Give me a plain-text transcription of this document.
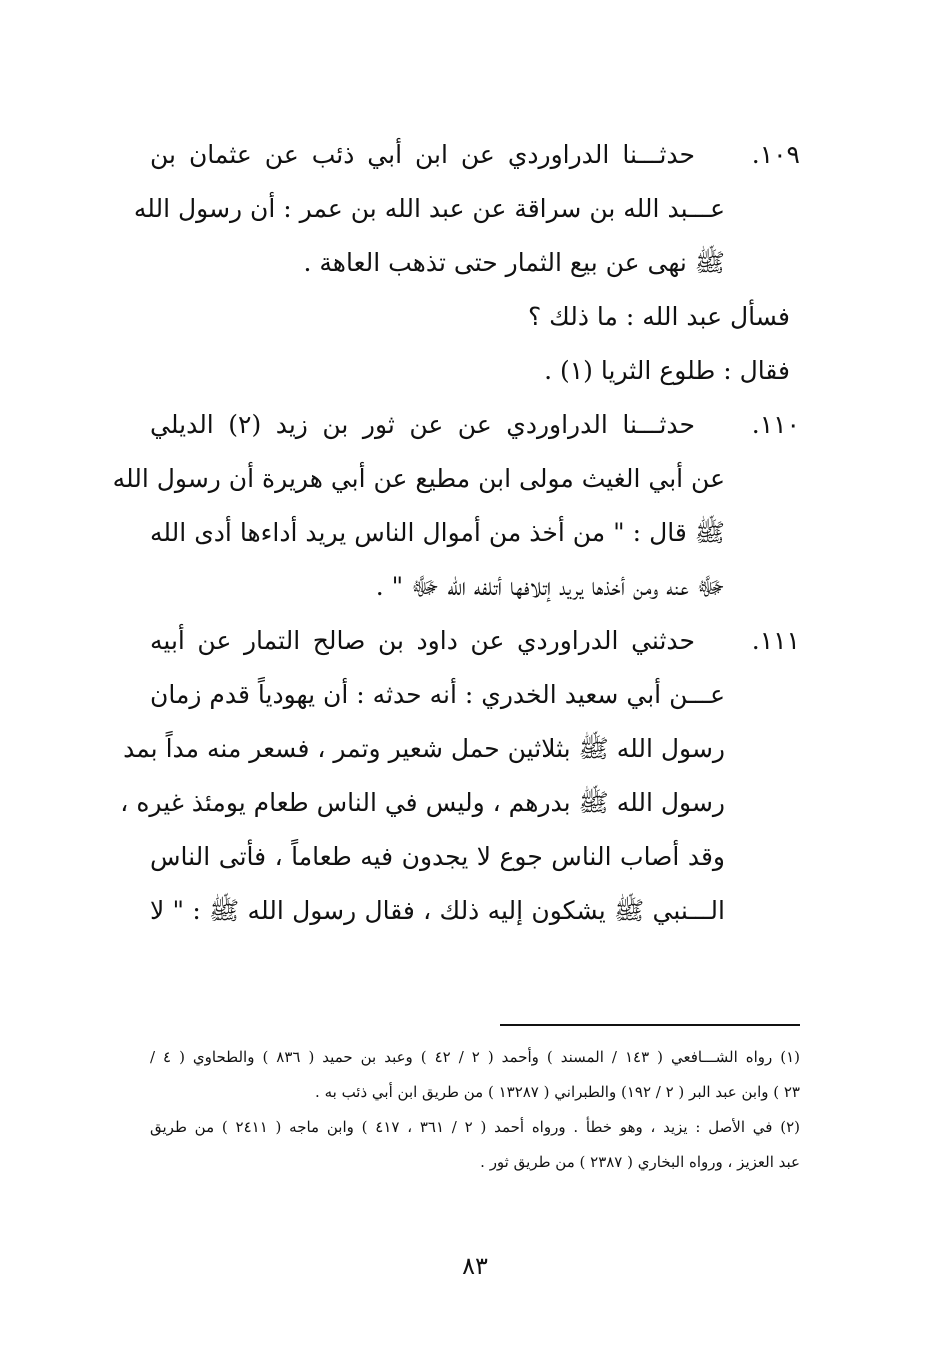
١٠٩.حدثـــنا الدراوردي عن ابن أبي ذئب عن عثمان بن
عـــبد الله بن سراقة عن عبد الله بن عمر : أن رسول الله
ﷺ نهى عن بيع الثمار حتى تذهب العاهة .
فسأل عبد الله : ما ذلك ؟
فقال : طلوع الثريا (١) .
١١٠.حدثـــنا الدراوردي عن عن ثور بن زيد (٢) الديلي
عن أبي الغيث مولى ابن مطيع عن أبي هريرة أن رسول الله
ﷺ قال : " من أخذ من أموال الناس يريد أداءها أدى الله
ﷻ عنه ومن أخذها يريد إتلافها أتلفه الله ﷻ " .
١١١.حدثني الدراوردي عن داود بن صالح التمار عن أبيه
عـــن أبي سعيد الخدري : أنه حدثه : أن يهودياً قدم زمان
رسول الله ﷺ بثلاثين حمل شعير وتمر ، فسعر منه مداً بمد
رسول الله ﷺ بدرهم ، وليس في الناس طعام يومئذ غيره ،
وقد أصاب الناس جوع لا يجدون فيه طعاماً ، فأتى الناس
الـــنبي ﷺ يشكون إليه ذلك ، فقال رسول الله ﷺ : " لا
(١) رواه الشـــافعي ( ١٤٣ / المسند ) وأحمد ( ٢ / ٤٢ ) وعبد بن حميد ( ٨٣٦ ) والطحاوي ( ٤ /
٢٣ ) وابن عبد البر ( ٢ / ١٩٢) والطبراني ( ١٣٢٨٧ ) من طريق ابن أبي ذئب به .
(٢) في الأصل : يزيد ، وهو خطأ . ورواه أحمد ( ٢ / ٣٦١ ، ٤١٧ ) وابن ماجه ( ٢٤١١ ) من طريق
عبد العزيز ، ورواه البخاري ( ٢٣٨٧ ) من طريق ثور .
٨٣
